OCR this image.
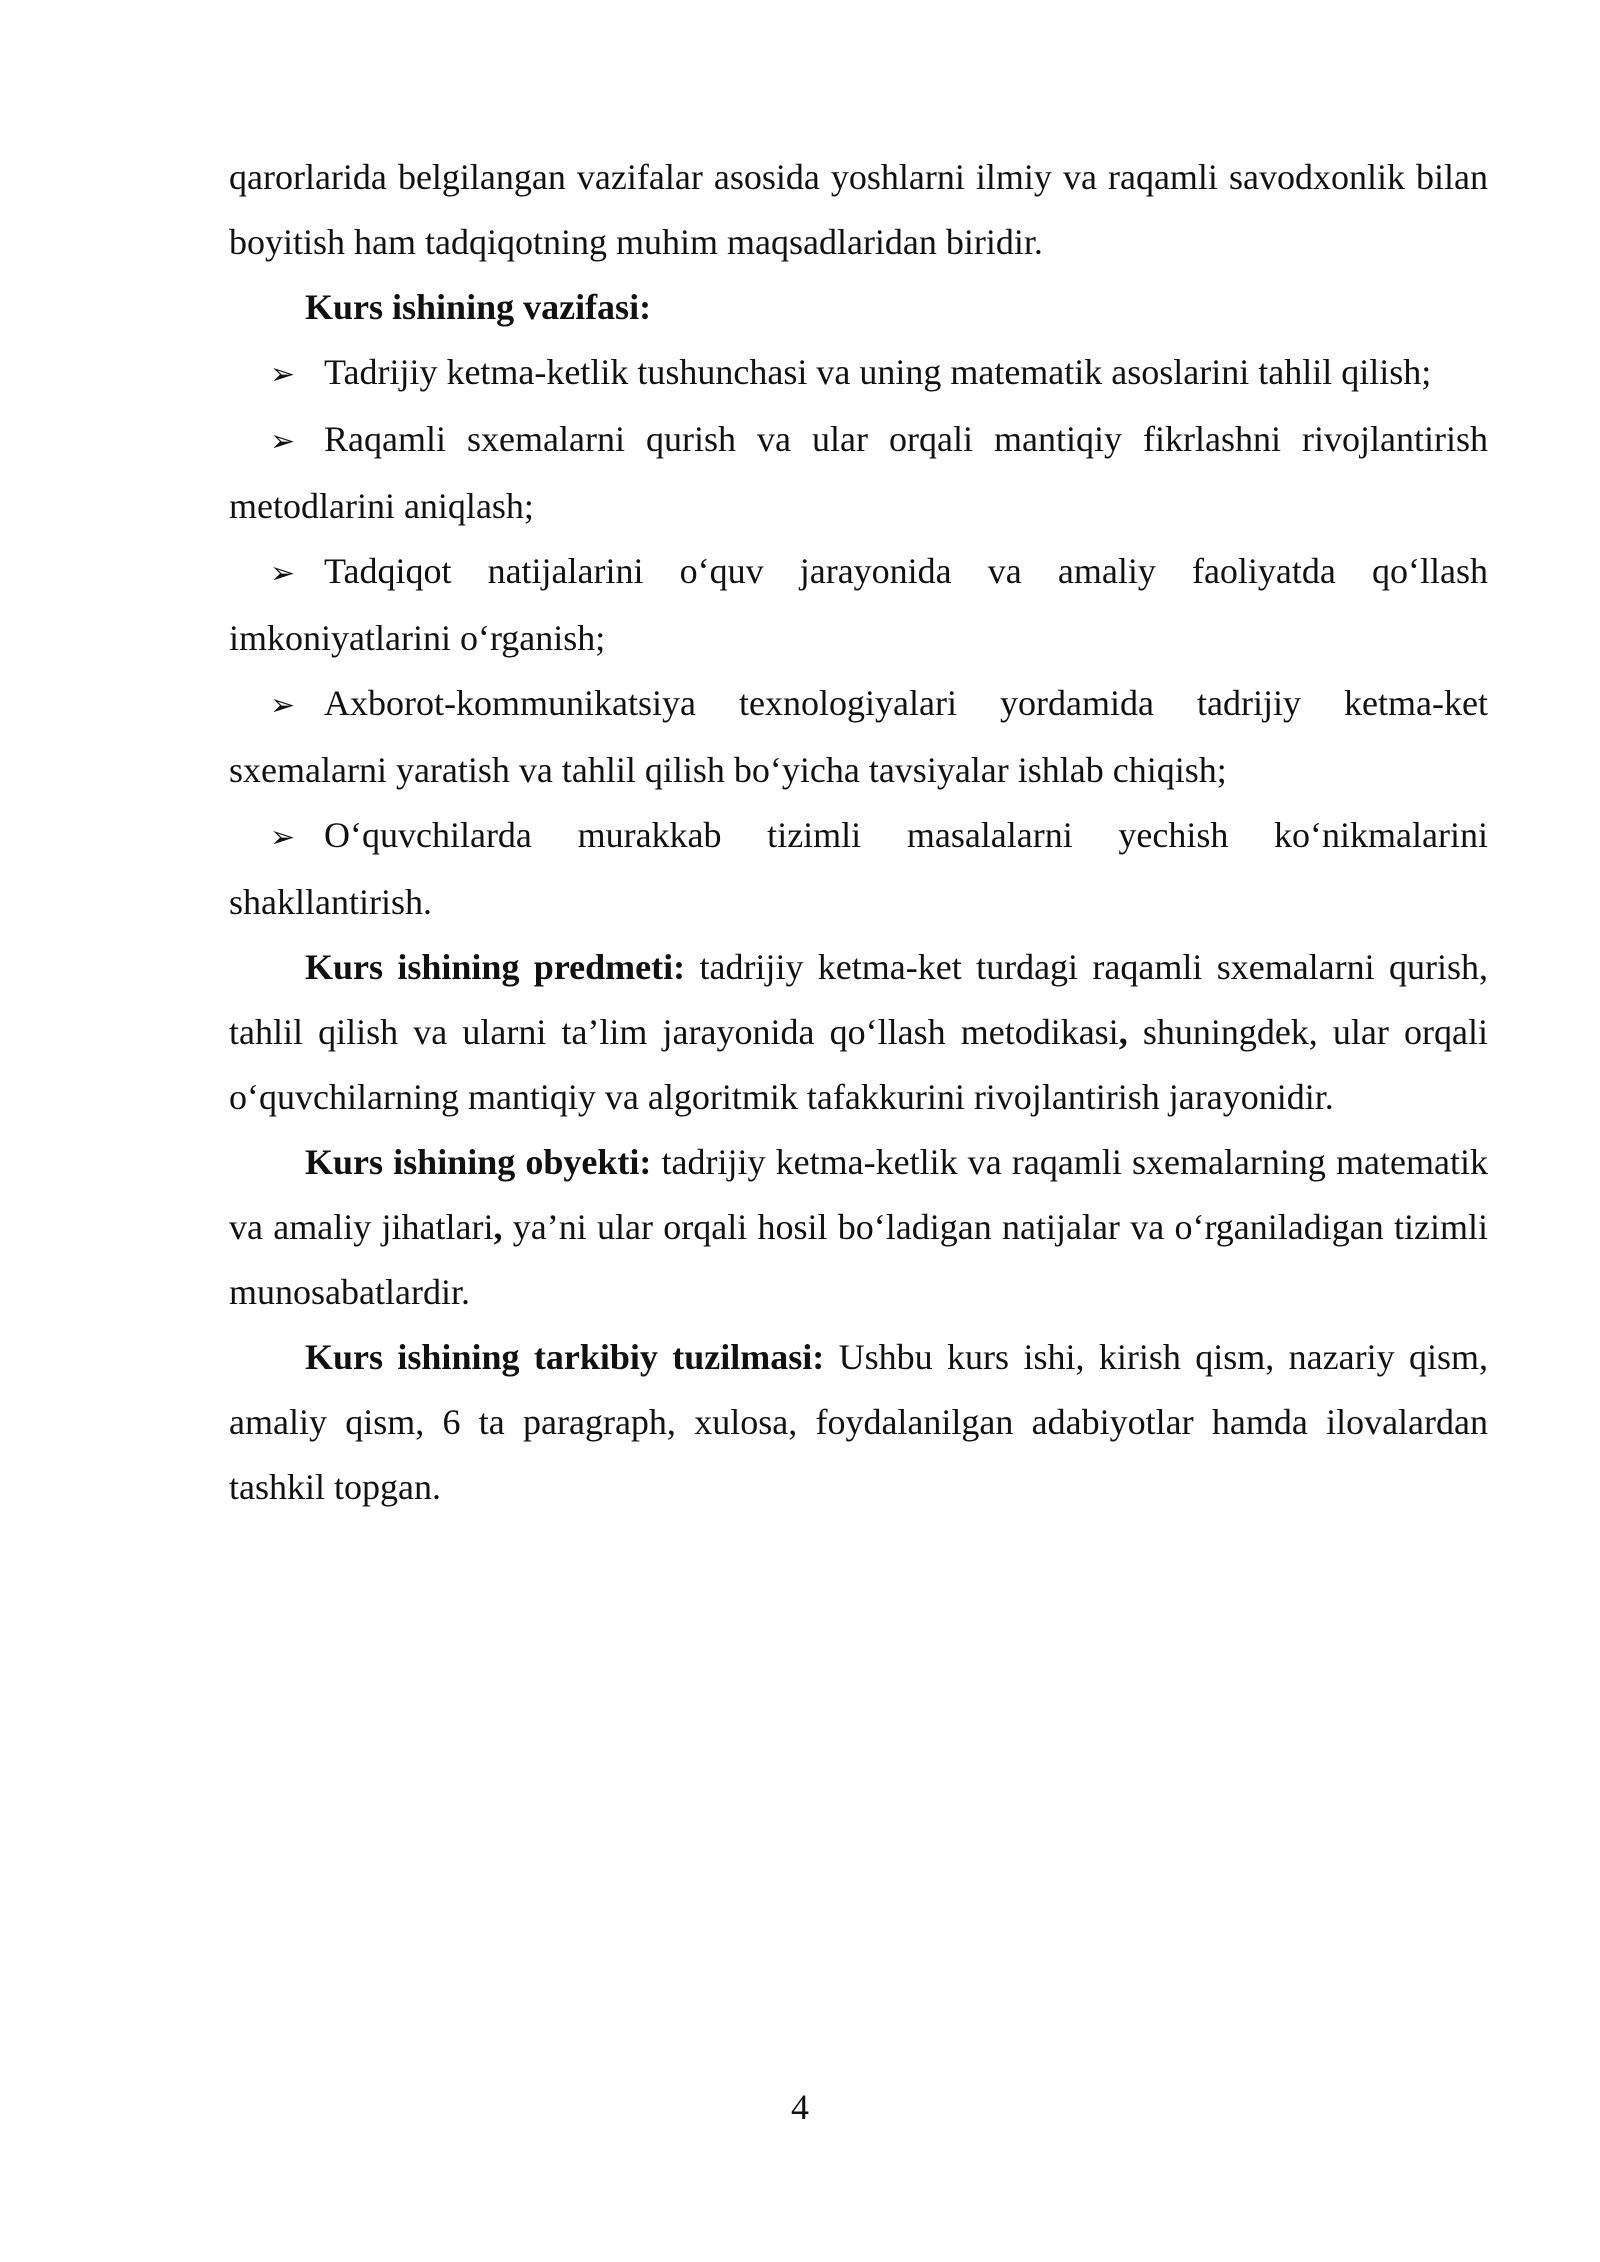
qarorlarida belgilangan vazifalar asosida yoshlarni ilmiy va raqamli savodxonlik bilan boyitish ham tadqiqotning muhim maqsadlaridan biridir.

Kurs ishining vazifasi:

➢ Tadrijiy ketma-ketlik tushunchasi va uning matematik asoslarini tahlil qilish;

➢ Raqamli sxemalarni qurish va ular orqali mantiqiy fikrlashni rivojlantirish metodlarini aniqlash;

➢ Tadqiqot natijalarini o‘quv jarayonida va amaliy faoliyatda qo‘llash imkoniyatlarini o‘rganish;

➢ Axborot-kommunikatsiya texnologiyalari yordamida tadrijiy ketma-ket sxemalarni yaratish va tahlil qilish bo‘yicha tavsiyalar ishlab chiqish;

➢ O‘quvchilarda murakkab tizimli masalalarni yechish ko‘nikmalarini shakllantirish.

Kurs ishining predmeti: tadrijiy ketma-ket turdagi raqamli sxemalarni qurish, tahlil qilish va ularni ta’lim jarayonida qo‘llash metodikasi, shuningdek, ular orqali o‘quvchilarning mantiqiy va algoritmik tafakkurini rivojlantirish jarayonidir.

Kurs ishining obyekti: tadrijiy ketma-ketlik va raqamli sxemalarning matematik va amaliy jihatlari, ya’ni ular orqali hosil bo‘ladigan natijalar va o‘rganiladigan tizimli munosabatlardir.

Kurs ishining tarkibiy tuzilmasi: Ushbu kurs ishi, kirish qism, nazariy qism, amaliy qism, 6 ta paragraph, xulosa, foydalanilgan adabiyotlar hamda ilovalardan tashkil topgan.

4
